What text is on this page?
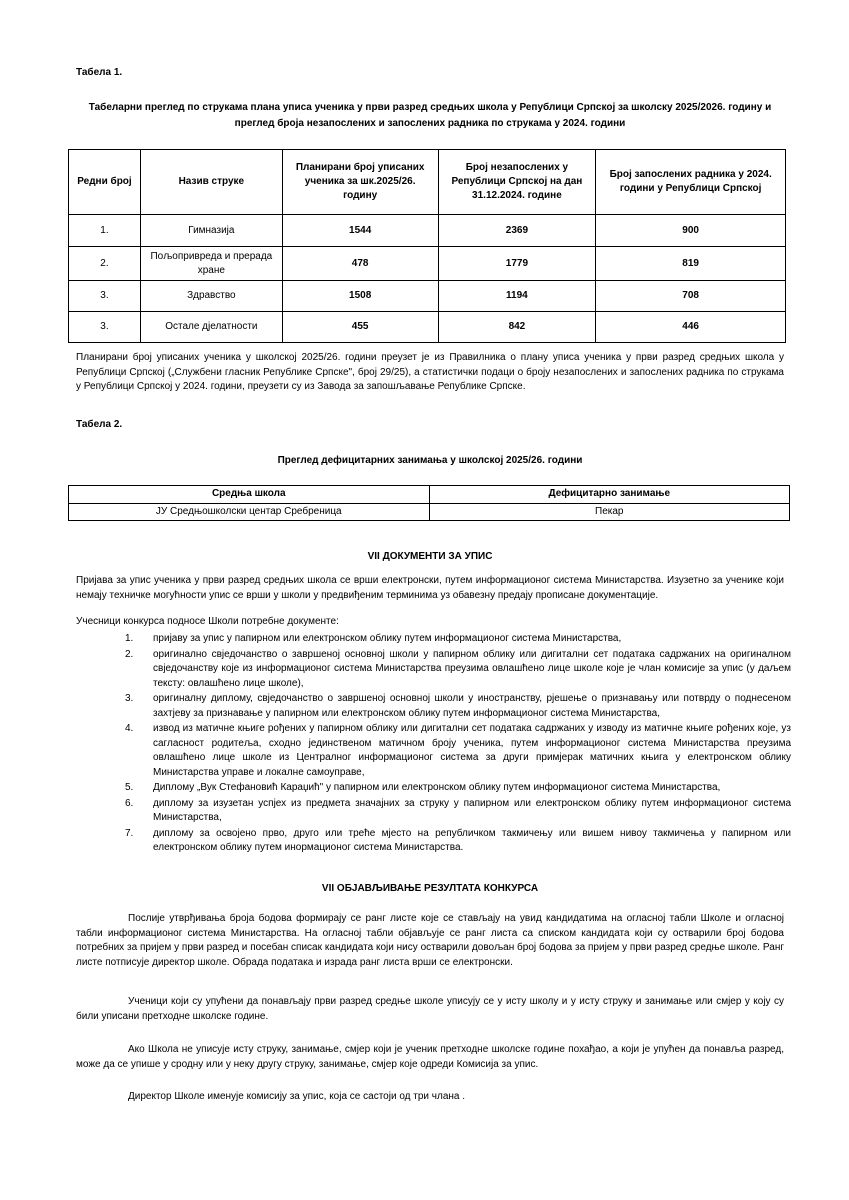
Табела 1.
Табеларни преглед по струкама плана уписа ученика у први разред средњих школа у Републици Српској за школску 2025/2026. годину и преглед броја незапослених и запослених радника по струкама у 2024. години
Редни број	Назив струке	Планирани број уписаних ученика за шк.2025/26. годину	Број незапослених у Републици Српској на дан 31.12.2024. године	Број запослених радника у 2024. години у Републици Српској
1.	Гимназија	1544	2369	900
2.	Пољопривреда и прерада хране	478	1779	819
3.	Здравство	1508	1194	708
3.	Остале дјелатности	455	842	446
Планирани број уписаних ученика у школској 2025/26. години преузет је из Правилника о плану уписа ученика у први разред средњих школа у Републици Српској („Службени гласник Републике Српске", број 29/25), а статистички подаци о броју незапослених и запослених радника по струкама у Републици Српској у 2024. години, преузети су из Завода за запошљавање Републике Српске.
Табела 2.
Преглед дефицитарних занимања у школској 2025/26. години
Средња школа	Дефицитарно занимање
ЈУ Средњошколски центар Сребреница	Пекар
VII ДОКУМЕНТИ ЗА УПИС
Пријава за упис ученика у први разред средњих школа се врши електронски, путем информационог система Министарства. Изузетно за ученике који немају техничке могућности упис се врши у школи у предвиђеним терминима уз обавезну предају прописане документације.
Учесници конкурса подносе Школи потребне документе:
1. пријаву за упис у папирном или електронском облику путем информационог система Министарства,
2. оригинално свједочанство о завршеној основној школи у папирном облику или дигитални сет података садржаних на оригиналном свједочанству које из информационог система Министарства преузима овлашћено лице школе које је члан комисије за упис (у даљем тексту: овлашћено лице школе),
3. оригиналну диплому, свједочанство о завршеној основној школи у иностранству, рјешење о признавању или потврду о поднесеном захтјеву за признавање у папирном или електронском облику путем информационог система Министарства,
4. извод из матичне књиге рођених у папирном облику или дигитални сет података садржаних у изводу из матичне књиге рођених које, уз сагласност родитеља, сходно јединственом матичном броју ученика, путем информационог система Министарства преузима овлашћено лице школе из Централног информационог система за други примјерак матичних књига у електронском облику Министарства управе и локалне самоуправе,
5. Диплому „Вук Стефановић Караџић" у папирном или електронском облику путем информационог система Министарства,
6. диплому за изузетан успјех из предмета значајних за струку у папирном или електронском облику путем информационог система Министарства,
7. диплому за освојено прво, друго или треће мјесто на републичком такмичењу или вишем нивоу такмичења у папирном или електронском облику путем инормационог система Министарства.
VII ОБЈАВЉИВАЊЕ РЕЗУЛТАТА КОНКУРСА
Послије утврђивања броја бодова формирају се ранг листе које се стављају на увид кандидатима на огласној табли Школе и огласној табли информационог система Министарства. На огласној табли објављује се ранг листа са списком кандидата који су остварили број бодова потребних за пријем у први разред и посебан списак кандидата који нису остварили довољан број бодова за пријем у први разред средње школе. Ранг листе потписује директор школе. Обрада података и израда ранг листа врши се електронски.
Ученици који су упућени да понављају први разред средње школе уписују се у исту школу и у исту струку и занимање или смјер у коју су били уписани претходне школске године.
Ако Школа не уписује исту струку, занимање, смјер који је ученик претходне школске године похађао, а који је упућен да понавља разред, може да се упише у сродну или у неку другу струку, занимање, смјер које одреди Комисија за упис.
Директор Школе именује комисију за упис, која се састоји од три члана .
